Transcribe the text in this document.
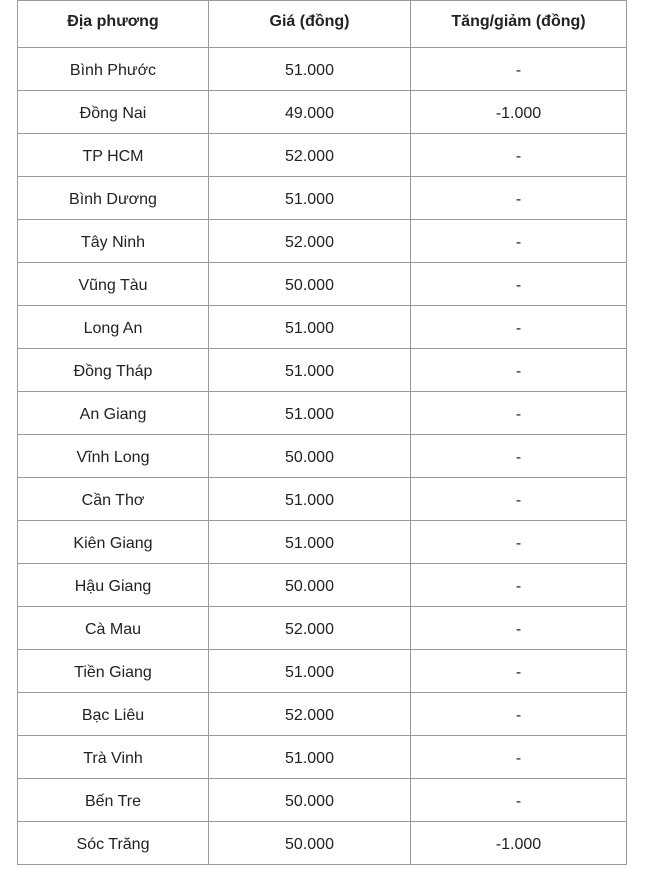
Địa phương	Giá (đồng)	Tăng/giảm (đồng)
Bình Phước	51.000	-
Đồng Nai	49.000	-1.000
TP HCM	52.000	-
Bình Dương	51.000	-
Tây Ninh	52.000	-
Vũng Tàu	50.000	-
Long An	51.000	-
Đồng Tháp	51.000	-
An Giang	51.000	-
Vĩnh Long	50.000	-
Cần Thơ	51.000	-
Kiên Giang	51.000	-
Hậu Giang	50.000	-
Cà Mau	52.000	-
Tiền Giang	51.000	-
Bạc Liêu	52.000	-
Trà Vinh	51.000	-
Bến Tre	50.000	-
Sóc Trăng	50.000	-1.000
